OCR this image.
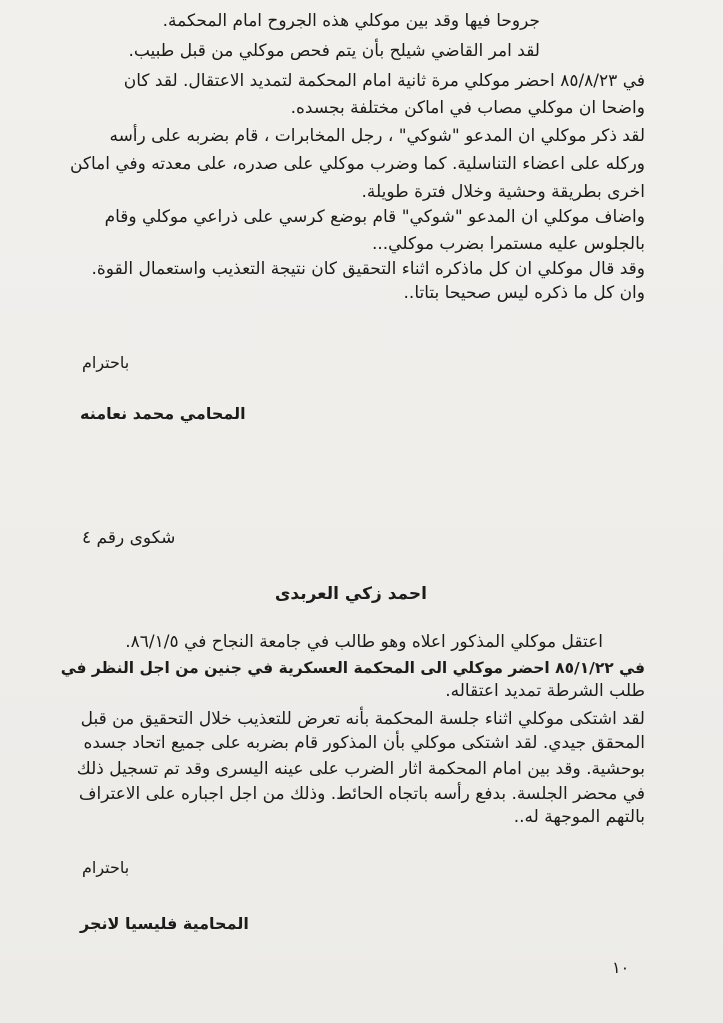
جروحا فيها وقد بين موكلي هذه الجروح امام المحكمة.
لقد امر القاضي شيلح بأن يتم فحص موكلي من قبل طبيب.
في ٨٥/٨/٢٣ احضر موكلي مرة ثانية امام المحكمة لتمديد الاعتقال. لقد كان
واضحا ان موكلي مصاب في اماكن مختلفة بجسده.
لقد ذكر موكلي ان المدعو "شوكي" ، رجل المخابرات ، قام بضربه على رأسه
وركله على اعضاء التناسلية. كما وضرب موكلي على صدره، على معدته وفي اماكن
اخرى بطريقة وحشية وخلال فترة طويلة.
واضاف موكلي ان المدعو "شوكي" قام بوضع كرسي على ذراعي موكلي وقام
بالجلوس عليه مستمرا بضرب موكلي...
وقد قال موكلي ان كل ماذكره اثناء التحقيق كان نتيجة التعذيب واستعمال القوة.
وان كل ما ذكره ليس صحيحا بتاتا..
باحترام
المحامي محمد نعامنه
شكوى رقم ٤
احمد زكي العربدى
اعتقل موكلي المذكور اعلاه وهو طالب في جامعة النجاح في ٨٦/١/٥.
في ٨٥/١/٢٢ احضر موكلي الى المحكمة العسكرية في جنين من اجل النظر في
طلب الشرطة تمديد اعتقاله.
لقد اشتكى موكلي اثناء جلسة المحكمة بأنه تعرض للتعذيب خلال التحقيق من قبل
المحقق جيدي. لقد اشتكى موكلي بأن المذكور قام بضربه على جميع اتحاد جسده
بوحشية. وقد بين امام المحكمة اثار الضرب على عينه اليسرى وقد تم تسجيل ذلك
في محضر الجلسة. بدفع رأسه باتجاه الحائط. وذلك من اجل اجباره على الاعتراف
بالتهم الموجهة له..
باحترام
المحامية فليسيا لانجر
١٠
